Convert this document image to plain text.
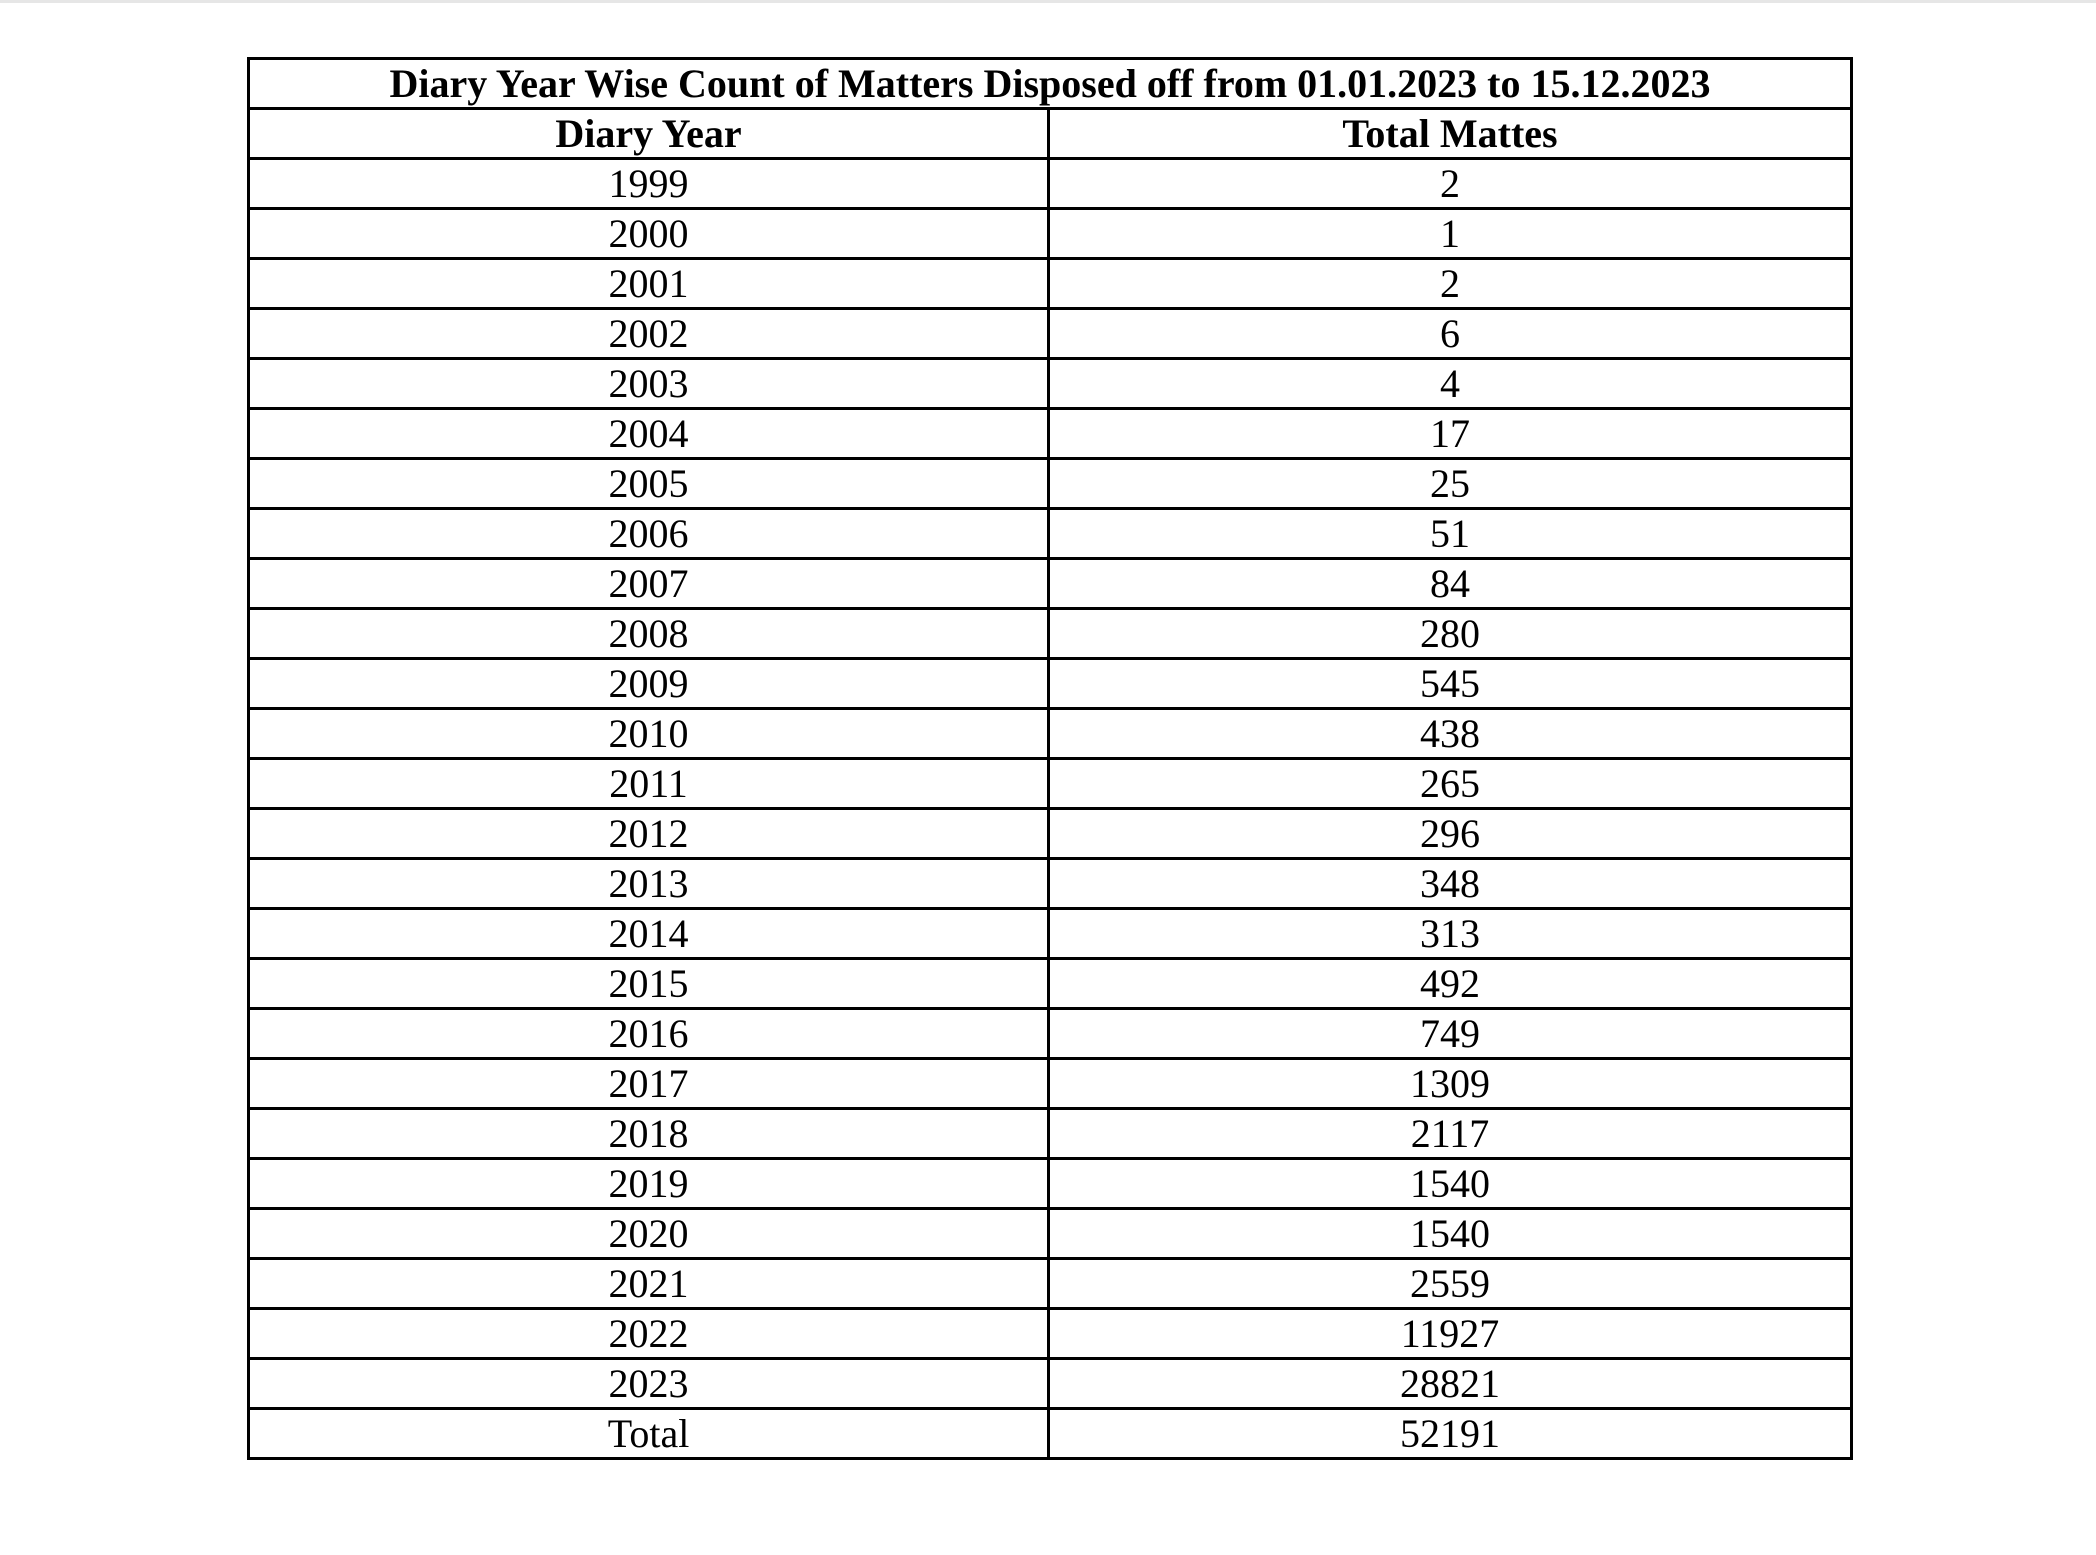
Diary Year Wise Count of Matters Disposed off from 01.01.2023 to 15.12.2023	
Diary Year	Total Mattes
1999	2
2000	1
2001	2
2002	6
2003	4
2004	17
2005	25
2006	51
2007	84
2008	280
2009	545
2010	438
2011	265
2012	296
2013	348
2014	313
2015	492
2016	749
2017	1309
2018	2117
2019	1540
2020	1540
2021	2559
2022	11927
2023	28821
Total	52191
